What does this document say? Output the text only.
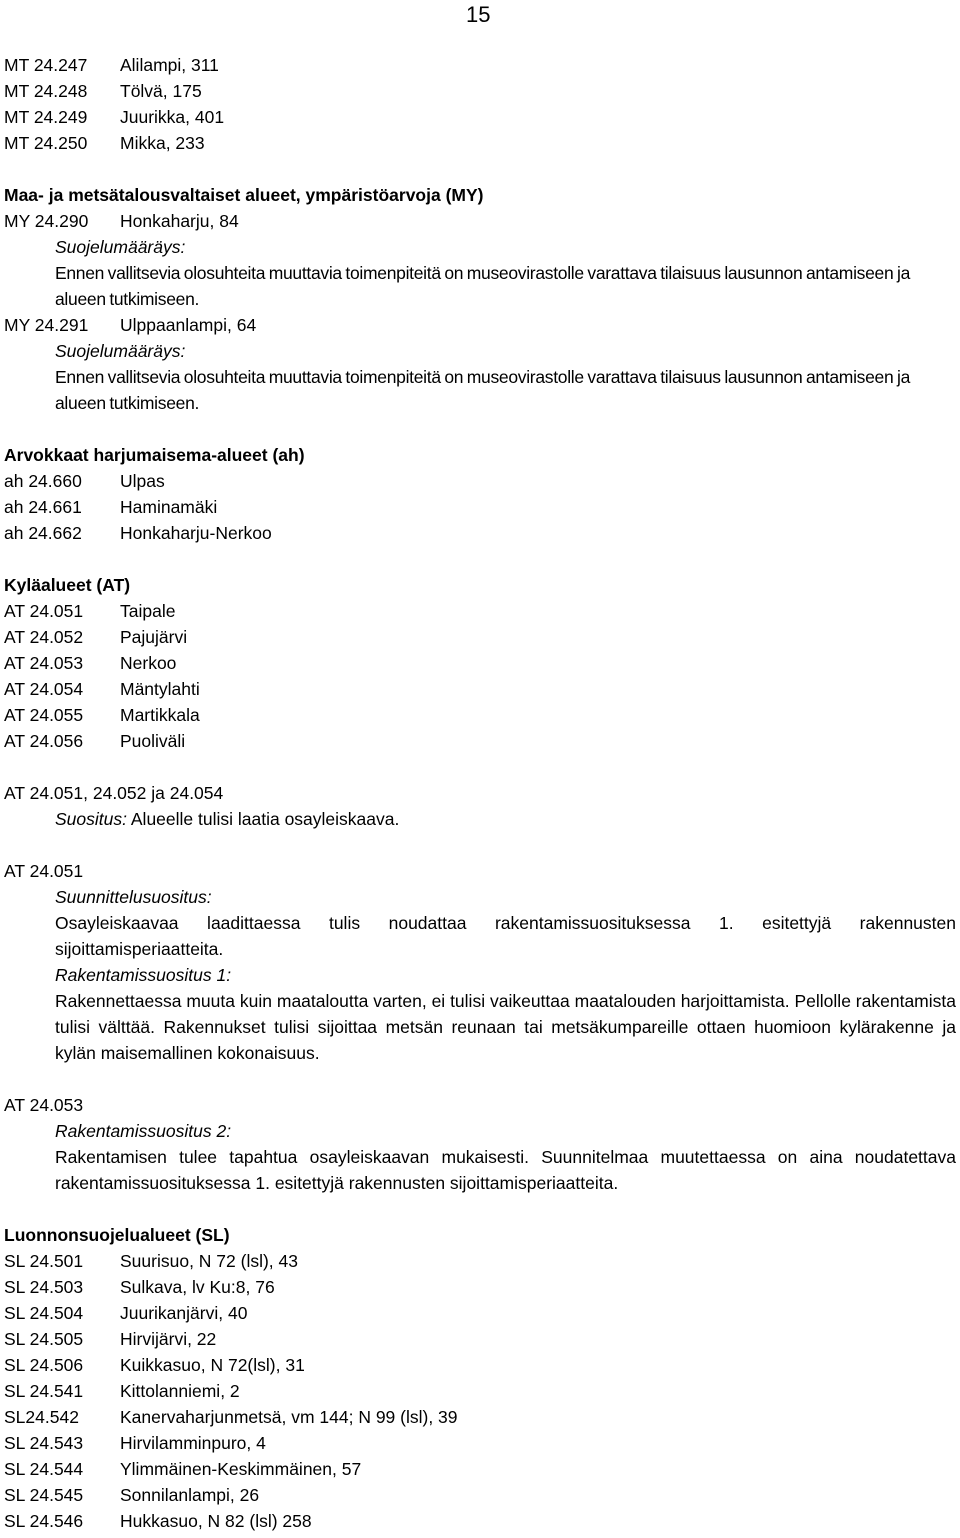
15
MT 24.247	Alilampi, 311
MT 24.248	Tölvä, 175
MT 24.249	Juurikka, 401
MT 24.250	Mikka, 233
Maa- ja metsätalousvaltaiset alueet, ympäristöarvoja (MY)
MY 24.290	Honkaharju, 84
Suojelumääräys:
Ennen vallitsevia olosuhteita muuttavia toimenpiteitä on museovirastolle varattava tilaisuus lausunnon antamiseen ja alueen tutkimiseen.
MY 24.291	Ulppaanlampi, 64
Suojelumääräys:
Ennen vallitsevia olosuhteita muuttavia toimenpiteitä on museovirastolle varattava tilaisuus lausunnon antamiseen ja alueen tutkimiseen.
Arvokkaat harjumaisema-alueet (ah)
ah 24.660	Ulpas
ah 24.661	Haminamäki
ah 24.662	Honkaharju-Nerkoo
Kyläalueet (AT)
AT 24.051	Taipale
AT 24.052	Pajujärvi
AT 24.053	Nerkoo
AT 24.054	Mäntylahti
AT 24.055	Martikkala
AT 24.056	Puoliväli
AT 24.051, 24.052 ja 24.054
Suositus: Alueelle tulisi laatia osayleiskaava.
AT 24.051
Suunnittelusuositus:
Osayleiskaavaa laadittaessa tulis noudattaa rakentamissuosituksessa 1. esitettyjä rakennusten sijoittamisperiaatteita.
Rakentamissuositus 1:
Rakennettaessa muuta kuin maataloutta varten, ei tulisi vaikeuttaa maatalouden harjoittamista. Pellolle rakentamista tulisi välttää. Rakennukset tulisi sijoittaa metsän reunaan tai metsäkumpareille ottaen huomioon kylärakenne ja kylän maisemallinen kokonaisuus.
AT 24.053
Rakentamissuositus 2:
Rakentamisen tulee tapahtua osayleiskaavan mukaisesti. Suunnitelmaa muutettaessa on aina noudatettava rakentamissuosituksessa 1. esitettyjä rakennusten sijoittamisperiaatteita.
Luonnonsuojelualueet (SL)
SL 24.501	Suurisuo, N 72 (lsl), 43
SL 24.503	Sulkava, lv Ku:8, 76
SL 24.504	Juurikanjärvi, 40
SL 24.505	Hirvijärvi, 22
SL 24.506	Kuikkasuo, N 72(lsl), 31
SL 24.541	Kittolanniemi, 2
SL24.542	Kanervaharjunmetsä, vm 144; N 99 (lsl), 39
SL 24.543	Hirvilamminpuro, 4
SL 24.544	Ylimmäinen-Keskimmäinen, 57
SL 24.545	Sonnilanlampi, 26
SL 24.546	Hukkasuo, N 82 (lsl) 258
